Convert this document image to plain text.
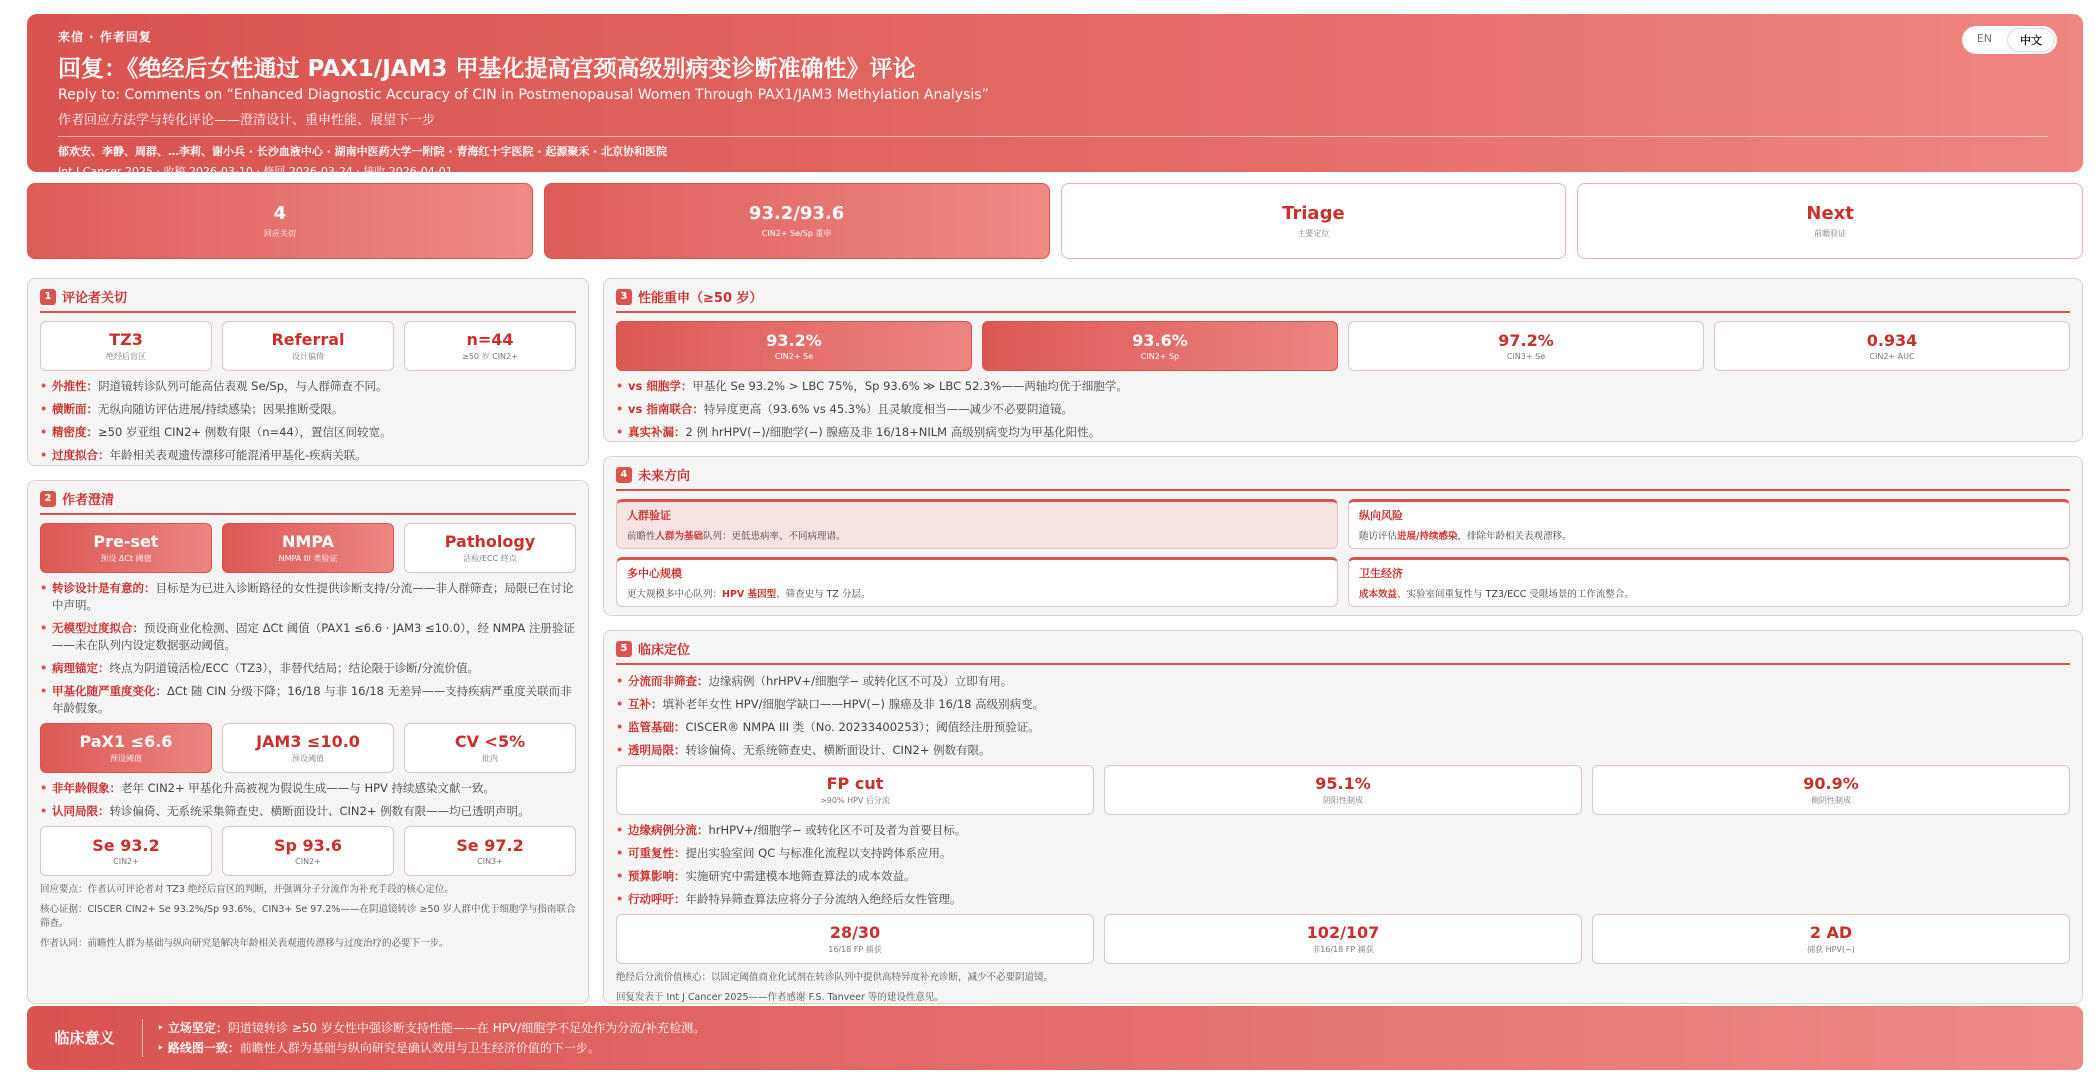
来信 · 作者回复
回复：《绝经后女性通过 PAX1/JAM3 甲基化提高宫颈高级别病变诊断准确性》评论
Reply to: Comments on “Enhanced Diagnostic Accuracy of CIN in Postmenopausal Women Through PAX1/JAM3 Methylation Analysis”
作者回应方法学与转化评论——澄清设计、重申性能、展望下一步
郁欢安、李静、周群、…李莉、谢小兵 · 长沙血液中心 · 湖南中医药大学一附院 · 青海红十字医院 · 起源聚禾 · 北京协和医院
Int J Cancer 2025 · 收稿 2026-03-10 · 修回 2026-03-24 · 接收 2026-04-01
EN	中文
4
回应关切
93.2/93.6
CIN2+ Se/Sp 重申
Triage
主要定位
Next
前瞻验证
1 评论者关切
TZ3
绝经后盲区
Referral
设计偏倚
n=44
≥50 岁 CIN2+
• 外推性：阴道镜转诊队列可能高估表观 Se/Sp，与人群筛查不同。
• 横断面：无纵向随访评估进展/持续感染；因果推断受限。
• 精密度：≥50 岁亚组 CIN2+ 例数有限（n=44），置信区间较宽。
• 过度拟合：年龄相关表观遗传漂移可能混淆甲基化-疾病关联。
2 作者澄清
Pre-set
预设 ΔCt 阈值
NMPA
NMPA III 类验证
Pathology
活检/ECC 终点
• 转诊设计是有意的：目标是为已进入诊断路径的女性提供诊断支持/分流——非人群筛查；局限已在讨论中声明。
• 无模型过度拟合：预设商业化检测、固定 ΔCt 阈值（PAX1 ≤6.6 · JAM3 ≤10.0），经 NMPA 注册验证——未在队列内设定数据驱动阈值。
• 病理锚定：终点为阴道镜活检/ECC（TZ3），非替代结局；结论限于诊断/分流价值。
• 甲基化随严重度变化：ΔCt 随 CIN 分级下降；16/18 与非 16/18 无差异——支持疾病严重度关联而非年龄假象。
PaX1 ≤6.6
预设阈值
JAM3 ≤10.0
预设阈值
CV <5%
批内
• 非年龄假象：老年 CIN2+ 甲基化升高被视为假说生成——与 HPV 持续感染文献一致。
• 认同局限：转诊偏倚、无系统采集筛查史、横断面设计、CIN2+ 例数有限——均已透明声明。
Se 93.2
CIN2+
Sp 93.6
CIN2+
Se 97.2
CIN3+

回应要点：作者认可评论者对 TZ3 绝经后盲区的判断，并强调分子分流作为补充手段的核心定位。

核心证据：CISCER CIN2+ Se 93.2%/Sp 93.6%、CIN3+ Se 97.2%——在阴道镜转诊 ≥50 岁人群中优于细胞学与指南联合筛查。

作者认同：前瞻性人群为基础与纵向研究是解决年龄相关表观遗传漂移与过度治疗的必要下一步。

3 性能重申（≥50 岁）
93.2%
CIN2+ Se
93.6%
CIN2+ Sp
97.2%
CIN3+ Se
0.934
CIN2+ AUC
• vs 细胞学：甲基化 Se 93.2% > LBC 75%，Sp 93.6% ≫ LBC 52.3%——两轴均优于细胞学。
• vs 指南联合：特异度更高（93.6% vs 45.3%）且灵敏度相当——减少不必要阴道镜。
• 真实补漏：2 例 hrHPV(−)/细胞学(−) 腺癌及非 16/18+NILM 高级别病变均为甲基化阳性。
4 未来方向
人群验证
前瞻性人群为基础队列：更低患病率、不同病理谱。
纵向风险
随访评估进展/持续感染，排除年龄相关表观漂移。
多中心规模
更大规模多中心队列：HPV 基因型、筛查史与 TZ 分层。
卫生经济
成本效益、实验室间重复性与 TZ3/ECC 受限场景的工作流整合。
5 临床定位
• 分流而非筛查：边缘病例（hrHPV+/细胞学− 或转化区不可及）立即有用。
• 互补：填补老年女性 HPV/细胞学缺口——HPV(−) 腺癌及非 16/18 高级别病变。
• 监管基础：CISCER® NMPA III 类（No. 20233400253）；阈值经注册预验证。
• 透明局限：转诊偏倚、无系统筛查史、横断面设计、CIN2+ 例数有限。
FP cut
>90% HPV 后分流
95.1%
阴阳性制成
90.9%
侧阴性制成
• 边缘病例分流：hrHPV+/细胞学− 或转化区不可及者为首要目标。
• 可重复性：提出实验室间 QC 与标准化流程以支持跨体系应用。
• 预算影响：实施研究中需建模本地筛查算法的成本效益。
• 行动呼吁：年龄特异筛查算法应将分子分流纳入绝经后女性管理。
28/30
16/18 FP 捕获
102/107
非16/18 FP 捕获
2 AD
捕获 HPV(−)

绝经后分流价值核心：以固定阈值商业化试剂在转诊队列中提供高特异度补充诊断，减少不必要阴道镜。

回复发表于 Int J Cancer 2025——作者感谢 F.S. Tanveer 等的建设性意见。

临床意义
‣ 立场坚定：阴道镜转诊 ≥50 岁女性中强诊断支持性能——在 HPV/细胞学不足处作为分流/补充检测。
‣ 路线图一致：前瞻性人群为基础与纵向研究是确认效用与卫生经济价值的下一步。
